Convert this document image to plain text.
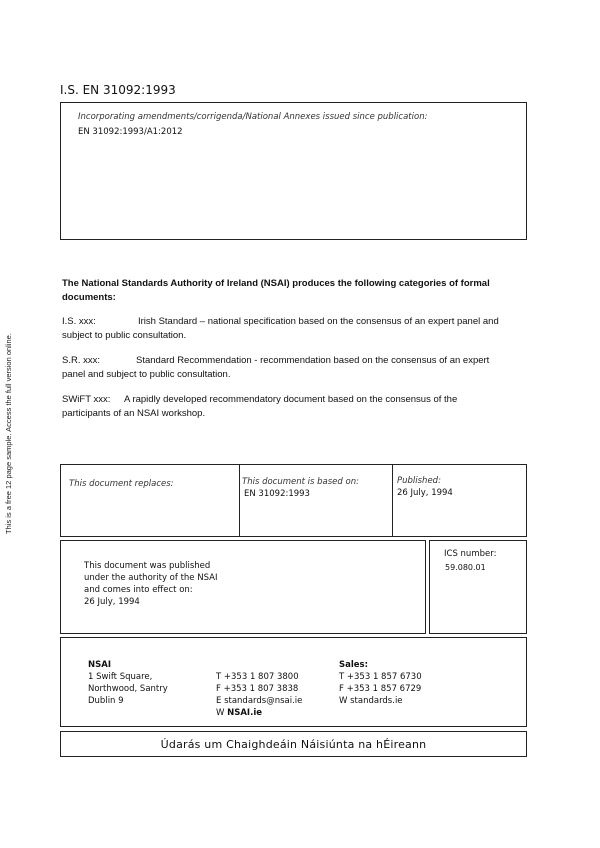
This is a free 12 page sample. Access the full version online.
I.S. EN 31092:1993
Incorporating amendments/corrigenda/National Annexes issued since publication:
EN 31092:1993/A1:2012
The National Standards Authority of Ireland (NSAI) produces the following categories of formal documents:
I.S. xxx:	Irish Standard – national specification based on the consensus of an expert panel and
subject to public consultation.
S.R. xxx:	Standard Recommendation - recommendation based on the consensus of an expert
panel and subject to public consultation.
SWiFT xxx: A rapidly developed recommendatory document based on the consensus of the
participants of an NSAI workshop.
This document replaces:	This document is based on:
EN 31092:1993
Published:
26 July, 1994
This document was published
under the authority of the NSAI
and comes into effect on:
26 July, 1994
ICS number:
59.080.01
NSAI
1 Swift Square,
Northwood, Santry
Dublin 9
T +353 1 807 3800
F +353 1 807 3838
E standards@nsai.ie
W NSAI.ie
Sales:
T +353 1 857 6730
F +353 1 857 6729
W standards.ie
Údarás um Chaighdeáin Náisiúnta na hÉireann
